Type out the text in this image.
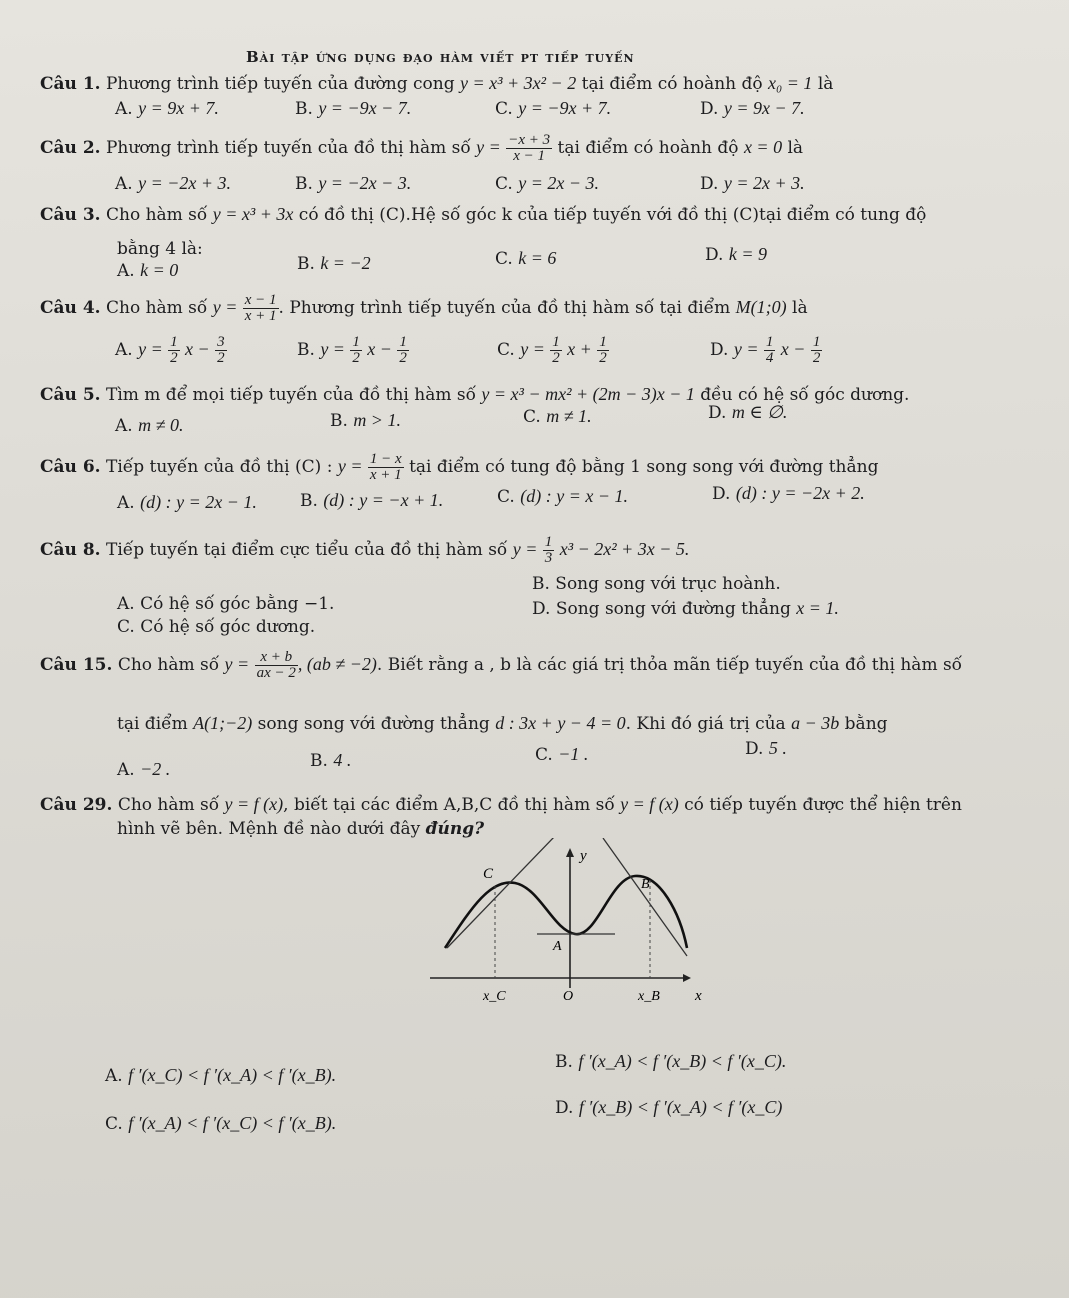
Bài tập ứng dụng đạo hàm viết pt tiếp tuyến
Câu 1. Phương trình tiếp tuyến của đường cong y = x³ + 3x² − 2 tại điểm có hoành độ x₀ = 1 là
A. y = 9x + 7.	B. y = −9x − 7.	C. y = −9x + 7.	D. y = 9x − 7.
Câu 2. Phương trình tiếp tuyến của đồ thị hàm số $y = \frac{-x + 3}{x - 1}$ tại điểm có hoành độ x = 0 là
A. y = −2x + 3.	B. y = −2x − 3.	C. y = 2x − 3.	D. y = 2x + 3.
Câu 3. Cho hàm số y = x³ + 3x có đồ thị (C).Hệ số góc k của tiếp tuyến với đồ thị (C)tại điểm có tung độ
bằng 4 là:
A. k = 0	B. k = −2	C. k = 6	D. k = 9
Câu 4. Cho hàm số $y = \frac{x - 1}{x + 1}$ . Phương trình tiếp tuyến của đồ thị hàm số tại điểm M(1;0) là
A. $y = \frac{1}{2}$ $x - \frac{3}{2}$	B. $y = \frac{1}{2}$ $x - \frac{1}{2}$	C. $y = \frac{1}{2}$ $x + \frac{1}{2}$	D. $y = \frac{1}{4}$ $x - \frac{1}{2}$
Câu 5. Tìm m để mọi tiếp tuyến của đồ thị hàm số y = x³ − mx² + (2m − 3)x − 1 đều có hệ số góc dương.
A. m ≠ 0.	B. m > 1.	C. m ≠ 1.	D. m ∈ ∅.
Câu 6. Tiếp tuyến của đồ thị (C) : $y = \frac{1 - x}{x + 1}$ tại điểm có tung độ bằng 1 song song với đường thẳng
A. (d) : y = 2x − 1.	B. (d) : y = −x + 1.	C. (d) : y = x − 1.	D. (d) : y = −2x + 2.
Câu 8. Tiếp tuyến tại điểm cực tiểu của đồ thị hàm số $y = \frac{1}{3} x^3 - 2x^2 + 3x - 5$.
A. Có hệ số góc bằng −1.
B. Song song với trục hoành.
C. Có hệ số góc dương.
D. Song song với đường thẳng x = 1.
Câu 15. Cho hàm số $y = \frac{x + b}{ax - 2}$ , (ab ≠ −2). Biết rằng a , b là các giá trị thỏa mãn tiếp tuyến của đồ thị hàm số
tại điểm A(1;−2) song song với đường thẳng d : 3x + y − 4 = 0. Khi đó giá trị của a − 3b bằng
A. −2 .	B. 4 .	C. −1 .	D. 5 .
Câu 29. Cho hàm số y = f (x), biết tại các điểm A,B,C đồ thị hàm số y = f (x) có tiếp tuyến được thể hiện trên
hình vẽ bên. Mệnh đề nào dưới đây đúng?
y
x
C
B
A
x_C	O	x_B
A. f ′(x_C) < f ′(x_A) < f ′(x_B).
B. f ′(x_A) < f ′(x_B) < f ′(x_C).
C. f ′(x_A) < f ′(x_C) < f ′(x_B).
D. f ′(x_B) < f ′(x_A) < f ′(x_C)
